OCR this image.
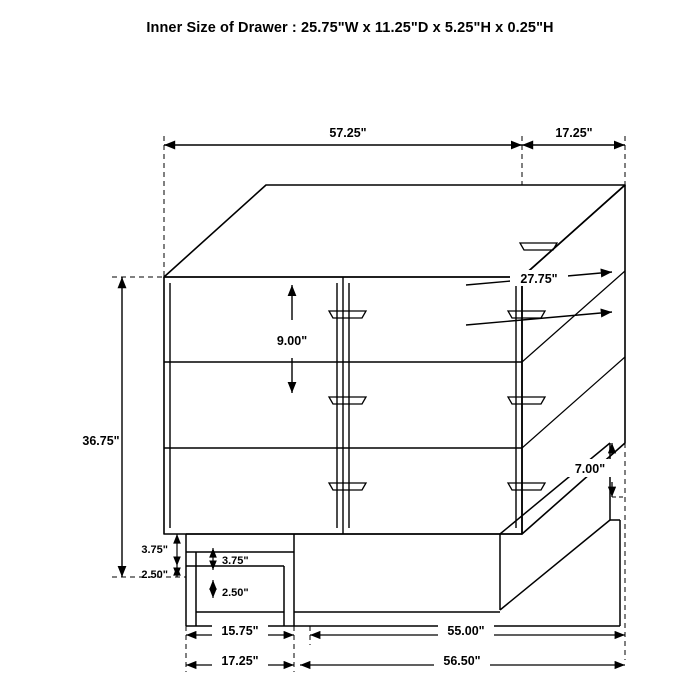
Inner Size of Drawer : 25.75"W x 11.25"D x 5.25"H x 0.25"H
57.25"	17.25"
36.75"
27.75"
9.00"
7.00"
3.75"
2.50"
3.75"
2.50"
15.75"	55.00"
17.25"	56.50"
